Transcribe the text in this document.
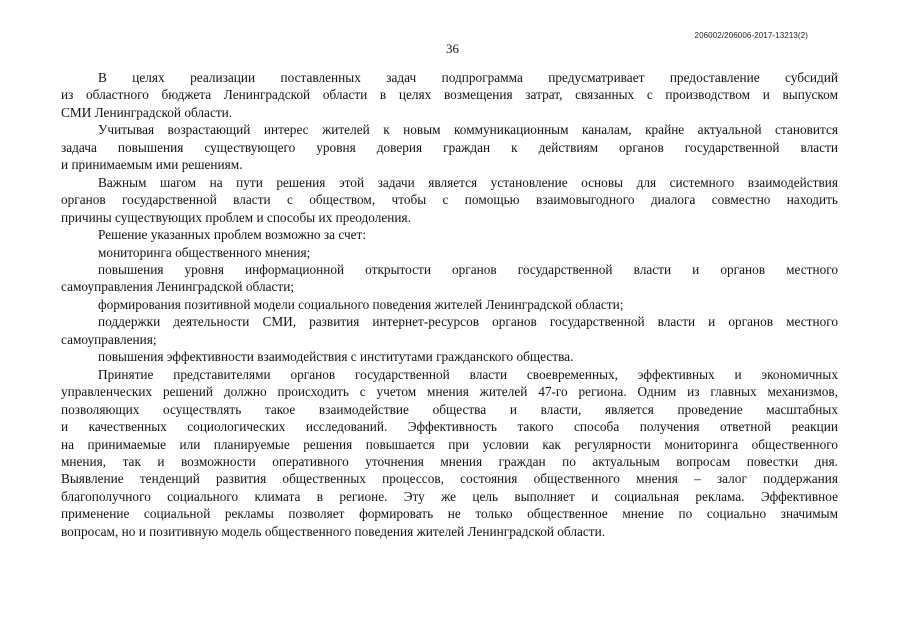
206002/206006-2017-13213(2)
36
В целях реализации поставленных задач подпрограмма предусматривает предоставление субсидий
из областного бюджета Ленинградской области в целях возмещения затрат, связанных с производством и выпуском
СМИ Ленинградской области.
Учитывая возрастающий интерес жителей к новым коммуникационным каналам, крайне актуальной становится
задача повышения существующего уровня доверия граждан к действиям органов государственной власти
и принимаемым ими решениям.
Важным шагом на пути решения этой задачи является установление основы для системного взаимодействия
органов государственной власти с обществом, чтобы с помощью взаимовыгодного диалога совместно находить
причины существующих проблем и способы их преодоления.
Решение указанных проблем возможно за счет:
мониторинга общественного мнения;
повышения уровня информационной открытости органов государственной власти и органов местного
самоуправления Ленинградской области;
формирования позитивной модели социального поведения жителей Ленинградской области;
поддержки деятельности СМИ, развития интернет-ресурсов органов государственной власти и органов местного
самоуправления;
повышения эффективности взаимодействия с институтами гражданского общества.
Принятие представителями органов государственной власти своевременных, эффективных и экономичных
управленческих решений должно происходить с учетом мнения жителей 47-го региона. Одним из главных механизмов,
позволяющих осуществлять такое взаимодействие общества и власти, является проведение масштабных
и качественных социологических исследований. Эффективность такого способа получения ответной реакции
на принимаемые или планируемые решения повышается при условии как регулярности мониторинга общественного
мнения, так и возможности оперативного уточнения мнения граждан по актуальным вопросам повестки дня.
Выявление тенденций развития общественных процессов, состояния общественного мнения – залог поддержания
благополучного социального климата в регионе. Эту же цель выполняет и социальная реклама. Эффективное
применение социальной рекламы позволяет формировать не только общественное мнение по социально значимым
вопросам, но и позитивную модель общественного поведения жителей Ленинградской области.
